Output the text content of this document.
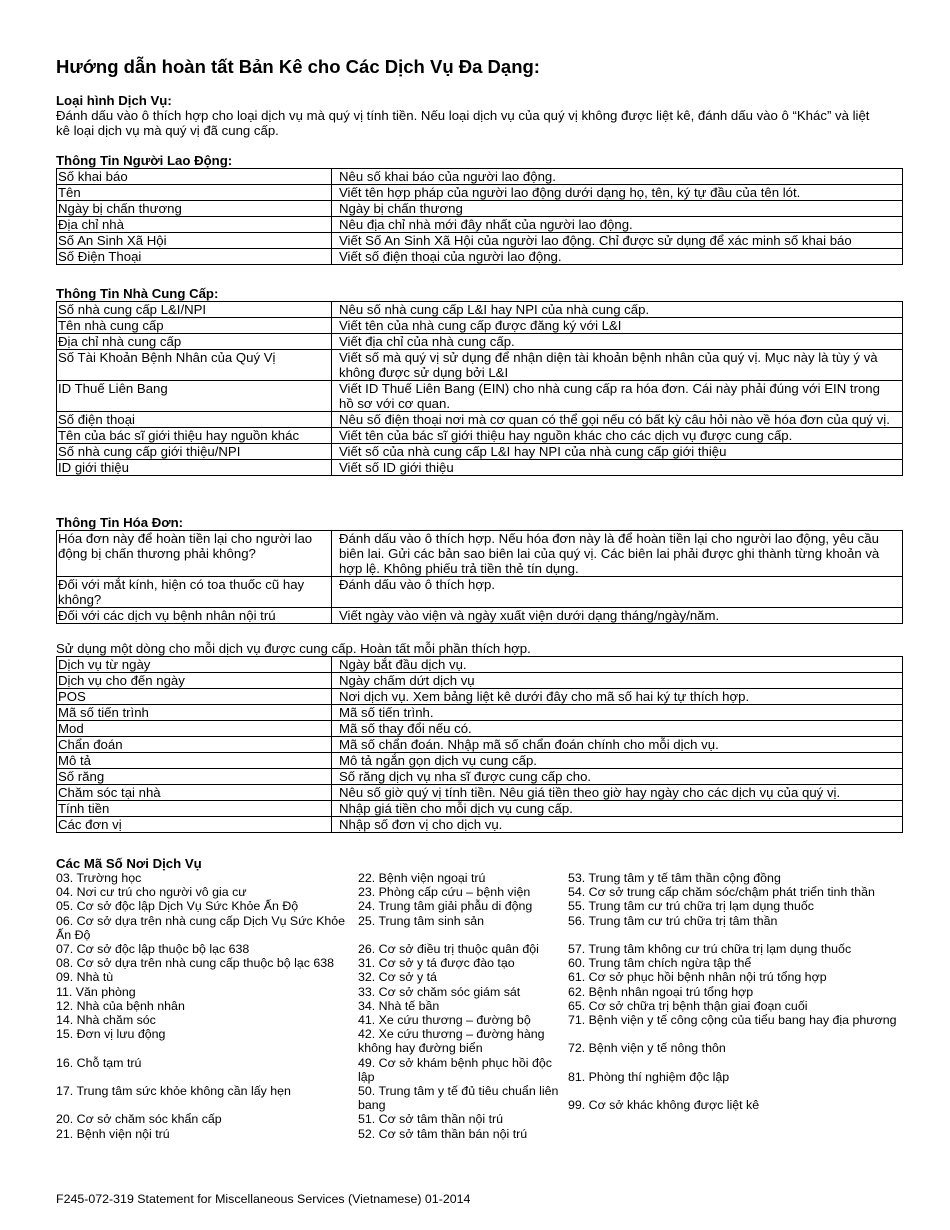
Hướng dẫn hoàn tất Bản Kê cho Các Dịch Vụ Đa Dạng:
Loại hình Dịch Vụ:
Đánh dấu vào ô thích hợp cho loại dịch vụ mà quý vị tính tiền. Nếu loại dịch vụ của quý vị không được liệt kê, đánh dấu vào ô “Khác” và liệt kê loại dịch vụ mà quý vị đã cung cấp.
Thông Tin Người Lao Động:
Số khai báo	Nêu số khai báo của người lao động.
Tên	Viết tên hợp pháp của người lao động dưới dạng họ, tên, ký tự đầu của tên lót.
Ngày bị chấn thương	Ngày bị chấn thương
Địa chỉ nhà	Nêu địa chỉ nhà mới đây nhất của người lao động.
Số An Sinh Xã Hội	Viết Số An Sinh Xã Hội của người lao động. Chỉ được sử dụng để xác minh số khai báo
Số Điện Thoại	Viết số điện thoại của người lao động.
Thông Tin Nhà Cung Cấp:
Số nhà cung cấp L&I/NPI	Nêu số nhà cung cấp L&I hay NPI của nhà cung cấp.
Tên nhà cung cấp	Viết tên của nhà cung cấp được đăng ký với L&I
Địa chỉ nhà cung cấp	Viết địa chỉ của nhà cung cấp.
Số Tài Khoản Bệnh Nhân của Quý Vị	Viết số mà quý vị sử dụng để nhận diện tài khoản bệnh nhân của quý vị. Mục này là tùy ý và không được sử dụng bởi L&I
ID Thuế Liên Bang	Viết ID Thuế Liên Bang (EIN) cho nhà cung cấp ra hóa đơn. Cái này phải đúng với EIN trong hồ sơ với cơ quan.
Số điện thoại	Nêu số điện thoại nơi mà cơ quan có thể gọi nếu có bất kỳ câu hỏi nào về hóa đơn của quý vị.
Tên của bác sĩ giới thiệu hay nguồn khác	Viết tên của bác sĩ giới thiệu hay nguồn khác cho các dịch vụ được cung cấp.
Số nhà cung cấp giới thiệu/NPI	Viết số của nhà cung cấp L&I hay NPI của nhà cung cấp giới thiệu
ID giới thiệu	Viết số ID giới thiệu
Thông Tin Hóa Đơn:
Hóa đơn này để hoàn tiền lại cho người lao động bị chấn thương phải không?	Đánh dấu vào ô thích hợp. Nếu hóa đơn này là để hoàn tiền lại cho người lao động, yêu cầu biên lai. Gửi các bản sao biên lai của quý vị. Các biên lai phải được ghi thành từng khoản và hợp lệ. Không phiếu trả tiền thẻ tín dụng.
Đối với mắt kính, hiện có toa thuốc cũ hay không?	Đánh dấu vào ô thích hợp.
Đối với các dịch vụ bệnh nhân nội trú	Viết ngày vào viện và ngày xuất viện dưới dạng tháng/ngày/năm.
Sử dụng một dòng cho mỗi dịch vụ được cung cấp. Hoàn tất mỗi phần thích hợp.
Dịch vụ từ ngày	Ngày bắt đầu dịch vụ.
Dịch vụ cho đến ngày	Ngày chấm dứt dịch vụ
POS	Nơi dịch vụ. Xem bảng liệt kê dưới đây cho mã số hai ký tự thích hợp.
Mã số tiến trình	Mã số tiến trình.
Mod	Mã số thay đổi nếu có.
Chẩn đoán	Mã số chẩn đoán. Nhập mã số chẩn đoán chính cho mỗi dịch vụ.
Mô tả	Mô tả ngắn gọn dịch vụ cung cấp.
Số răng	Số răng dịch vụ nha sĩ được cung cấp cho.
Chăm sóc tại nhà	Nêu số giờ quý vị tính tiền. Nêu giá tiền theo giờ hay ngày cho các dịch vụ của quý vị.
Tính tiền	Nhập giá tiền cho mỗi dịch vụ cung cấp.
Các đơn vị	Nhập số đơn vị cho dịch vụ.
Các Mã Số Nơi Dịch Vụ
03. Trường học
04. Nơi cư trú cho người vô gia cư
05. Cơ sở độc lập Dịch Vụ Sức Khỏe Ấn Độ
06. Cơ sở dựa trên nhà cung cấp Dịch Vụ Sức Khỏe Ấn Độ
07. Cơ sở độc lập thuộc bộ lạc 638
08. Cơ sở dựa trên nhà cung cấp thuộc bộ lạc 638
09. Nhà tù
11. Văn phòng
12. Nhà của bệnh nhân
14. Nhà chăm sóc
15. Đơn vị lưu động
16. Chỗ tạm trú
17. Trung tâm sức khỏe không cần lấy hẹn
20. Cơ sở chăm sóc khẩn cấp
21. Bệnh viện nội trú
22. Bệnh viện ngoại trú
23. Phòng cấp cứu – bệnh viện
24. Trung tâm giải phẫu di động
25. Trung tâm sinh sản
26. Cơ sở điều trị thuộc quân đội
31. Cơ sở y tá được đào tạo
32. Cơ sở y tá
33. Cơ sở chăm sóc giám sát
34. Nhà tế bần
41. Xe cứu thương – đường bộ
42. Xe cứu thương – đường hàng không hay đường biển
49. Cơ sở khám bệnh phục hồi độc lập
50. Trung tâm y tế đủ tiêu chuẩn liên bang
51. Cơ sở tâm thần nội trú
52. Cơ sở tâm thần bán nội trú
53. Trung tâm y tế tâm thần cộng đồng
54. Cơ sở trung cấp chăm sóc/chậm phát triển tinh thần
55. Trung tâm cư trú chữa trị lạm dụng thuốc
56. Trung tâm cư trú chữa trị tâm thần
57. Trung tâm không cư trú chữa trị lạm dụng thuốc
60. Trung tâm chích ngừa tập thể
61. Cơ sở phục hồi bệnh nhân nội trú tổng hợp
62. Bệnh nhân ngoại trú tổng hợp
65. Cơ sở chữa trị bệnh thận giai đoạn cuối
71. Bệnh viện y tế công cộng của tiểu bang hay địa phương
72. Bệnh viện y tế nông thôn
81. Phòng thí nghiệm độc lập
99. Cơ sở khác không được liệt kê
F245-072-319 Statement for Miscellaneous Services (Vietnamese) 01-2014
